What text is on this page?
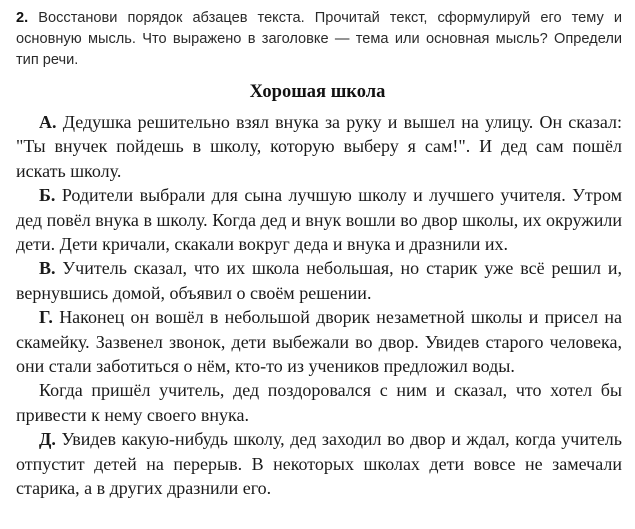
2. Восстанови порядок абзацев текста. Прочитай текст, сформулируй его тему и основную мысль. Что выражено в заголовке — тема или основная мысль? Определи тип речи.
Хорошая школа

А. Дедушка решительно взял внука за руку и вышел на улицу. Он сказал: "Ты внучек пойдешь в школу, которую выберу я сам!". И дед сам пошёл искать школу.

Б. Родители выбрали для сына лучшую школу и лучшего учителя. Утром дед повёл внука в школу. Когда дед и внук вошли во двор школы, их окружили дети. Дети кричали, скакали вокруг деда и внука и дразнили их.

В. Учитель сказал, что их школа небольшая, но старик уже всё решил и, вернувшись домой, объявил о своём решении.

Г. Наконец он вошёл в небольшой дворик незаметной школы и присел на скамейку. Зазвенел звонок, дети выбежали во двор. Увидев старого человека, они стали заботиться о нём, кто-то из учеников предложил воды.

Когда пришёл учитель, дед поздоровался с ним и сказал, что хотел бы привести к нему своего внука.

Д. Увидев какую-нибудь школу, дед заходил во двор и ждал, когда учитель отпустит детей на перерыв. В некоторых школах дети вовсе не замечали старика, а в других дразнили его.
